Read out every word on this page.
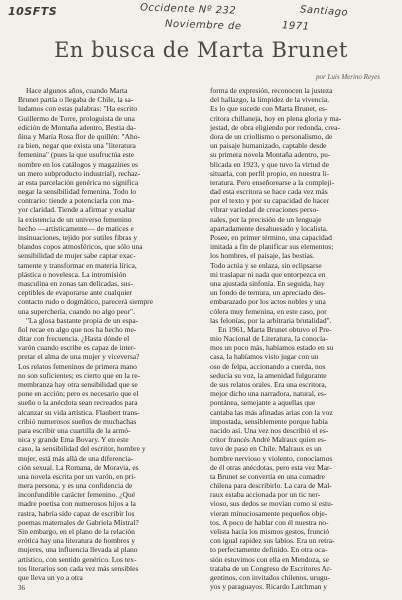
10SFTS	Occidente Nº 232	Santiago
Noviembre de	1971
En busca de Marta Brunet
por Luis Merino Reyes
Hace algunos años, cuando Marta
Brunet partía o llegaba de Chile, la sa-
ludamos con estas palabras: "Ha escrito
Guillermo de Torre, prologuista de una
edición de Montaña adentro, Bestia da-
ñina y María Rosa flor de quillén: "Aho-
ra bien, negar que exista una "literatura
femenina" (pues la que usufructúa este
nombre en los catálogos y magazines es
un mero subproducto industrial), rechaz-
ar esta parcelación genérica no significa
negar la sensibilidad femenina. Todo lo
contrario: tiende a potenciarla con ma-
yor claridad. Tiende a afirmar y exaltar
la existencia de un universo femenino
hecho —artísticamente— de matices e
insinuaciones, tejido por sutiles fibras y
blandos copos atmosféricos, que sólo una
sensibilidad de mujer sabe captar exac-
tamente y transformar en materia lírica,
plástica o novelesca. La intromisión
masculina en zonas tan delicadas, sus-
ceptibles de evaporarse ante cualquier
contacto rudo o dogmático, parecerá siempre
una superchería, cuando no algo peor".
"La glosa bastante propia de un espa-
ñol recae en algo que nos ha hecho me-
ditar con frecuencia. ¿Hasta dónde el
varón cuando escribe es capaz de inter-
pretar el alma de una mujer y viceversa?
Los relatos femeninos de primera mano
no son suficientes; es cierto que en la re-
membranza hay otra sensibilidad que se
pone en acción; pero es necesario que el
sueño o la anécdota sean recreados para
alcanzar su vida artística. Flaubert trans-
cribió numerosos sueños de muchachas
para escribir una cuartilla de la armó-
nica y grande Ema Bovary. Y en este
caso, la sensibilidad del escritor, hombre y
mujer, está más allá de una diferencia-
ción sexual. La Romana, de Moravia, es
una novela escrita por un varón, en pri-
mera persona, y es una confidencia de
inconfundible carácter femenino. ¿Qué
madre poetisa con numerosos hijos a la
rastra, habría sido capaz de escribir los
poemas maternales de Gabriela Mistral?
Sin embargo, en el plano de la relación
erótica hay una literatura de hombres y
mujeres, una influencia llevada al plano
artístico, con sentido genérico. Los tex-
tos literarios son cada vez más sensibles
que lleva un yo a otra
forma de expresión, reconocen la justeza
del hallazgo, la limpidez de la vivencia.
Es lo que sucede con Marta Brunet, es-
critora chillaneja, hoy en plena gloria y ma-
jestad, de obra eligiendo por redonda, crea-
dora de un criollismo o personalismo, de
un paisaje humanizado, captable desde
su primera novela Montaña adentro, pu-
blicada en 1923, y que tuvo la virtud de
situarla, con perfil propio, en nuestra li-
teratura. Pero enseñorearse a la compleji-
dad esta escritora se hace cada vez más
por el texto y por su capacidad de hacer
vibrar variedad de creaciones perso-
nales, por la precisión de un lenguaje
apartadamente desahuesado y localista.
Posee, en primer término, una capacidad
imitada a fin de planificar sus elementos;
los hombres, el paisaje, las bestias.
Todo actúa y se enlaza, sin eclipsarse
mi traslapar ni nada que entorpezca en
una ajustada sinfonía. En seguida, hay
un fondo de ternura, un apreciado des-
embarazado por los actos nobles y una
cólera muy femenina, en este caso, por
las felonías, por la arbitraria brutalidad".
En 1961, Marta Brunet obtuvo el Pre-
mio Nacional de Literatura, la conocía-
mos un poco más, habíamos estado en su
casa, la habíamos visto jugar con un
oso de felpa, accionando a cuerda, nos
seducía su voz, la amenidad fulgurante
de sus relatos orales. Era una escritora,
mejor dicho una narradora, natural, es-
pontánea, semejante a aquellas que
cantaba las más afinadas arias con la voz
impostada, sensiblemente porque había
nacido así. Una vez nos describió el es-
critor francés André Malraux quien es-
tuvo de paso en Chile. Malraux es un
hombre nervioso y violento, conocíamos
de él otras anécdotas, pero esta vez Mar-
ta Brunet se convertía en una comadre
chilena para describirlo. La cara de Mal-
raux estaba accionada por un tic ner-
vioso, sus dedos se movían como si estu-
vieran minuciosamente pequeños obje-
tos. A poco de hablar con él nuestra no-
velista hacía los mismos gestos, frunció
con igual rapidez sus labios. Era un retra-
to perfectamente definido. En otra oca-
sión estuvimos con ella en Mendoza, se
trataba de un Congreso de Escritores Ar-
gentinos, con invitados chilenos, urugu-
yos y paraguayos. Ricardo Latchman y
36
